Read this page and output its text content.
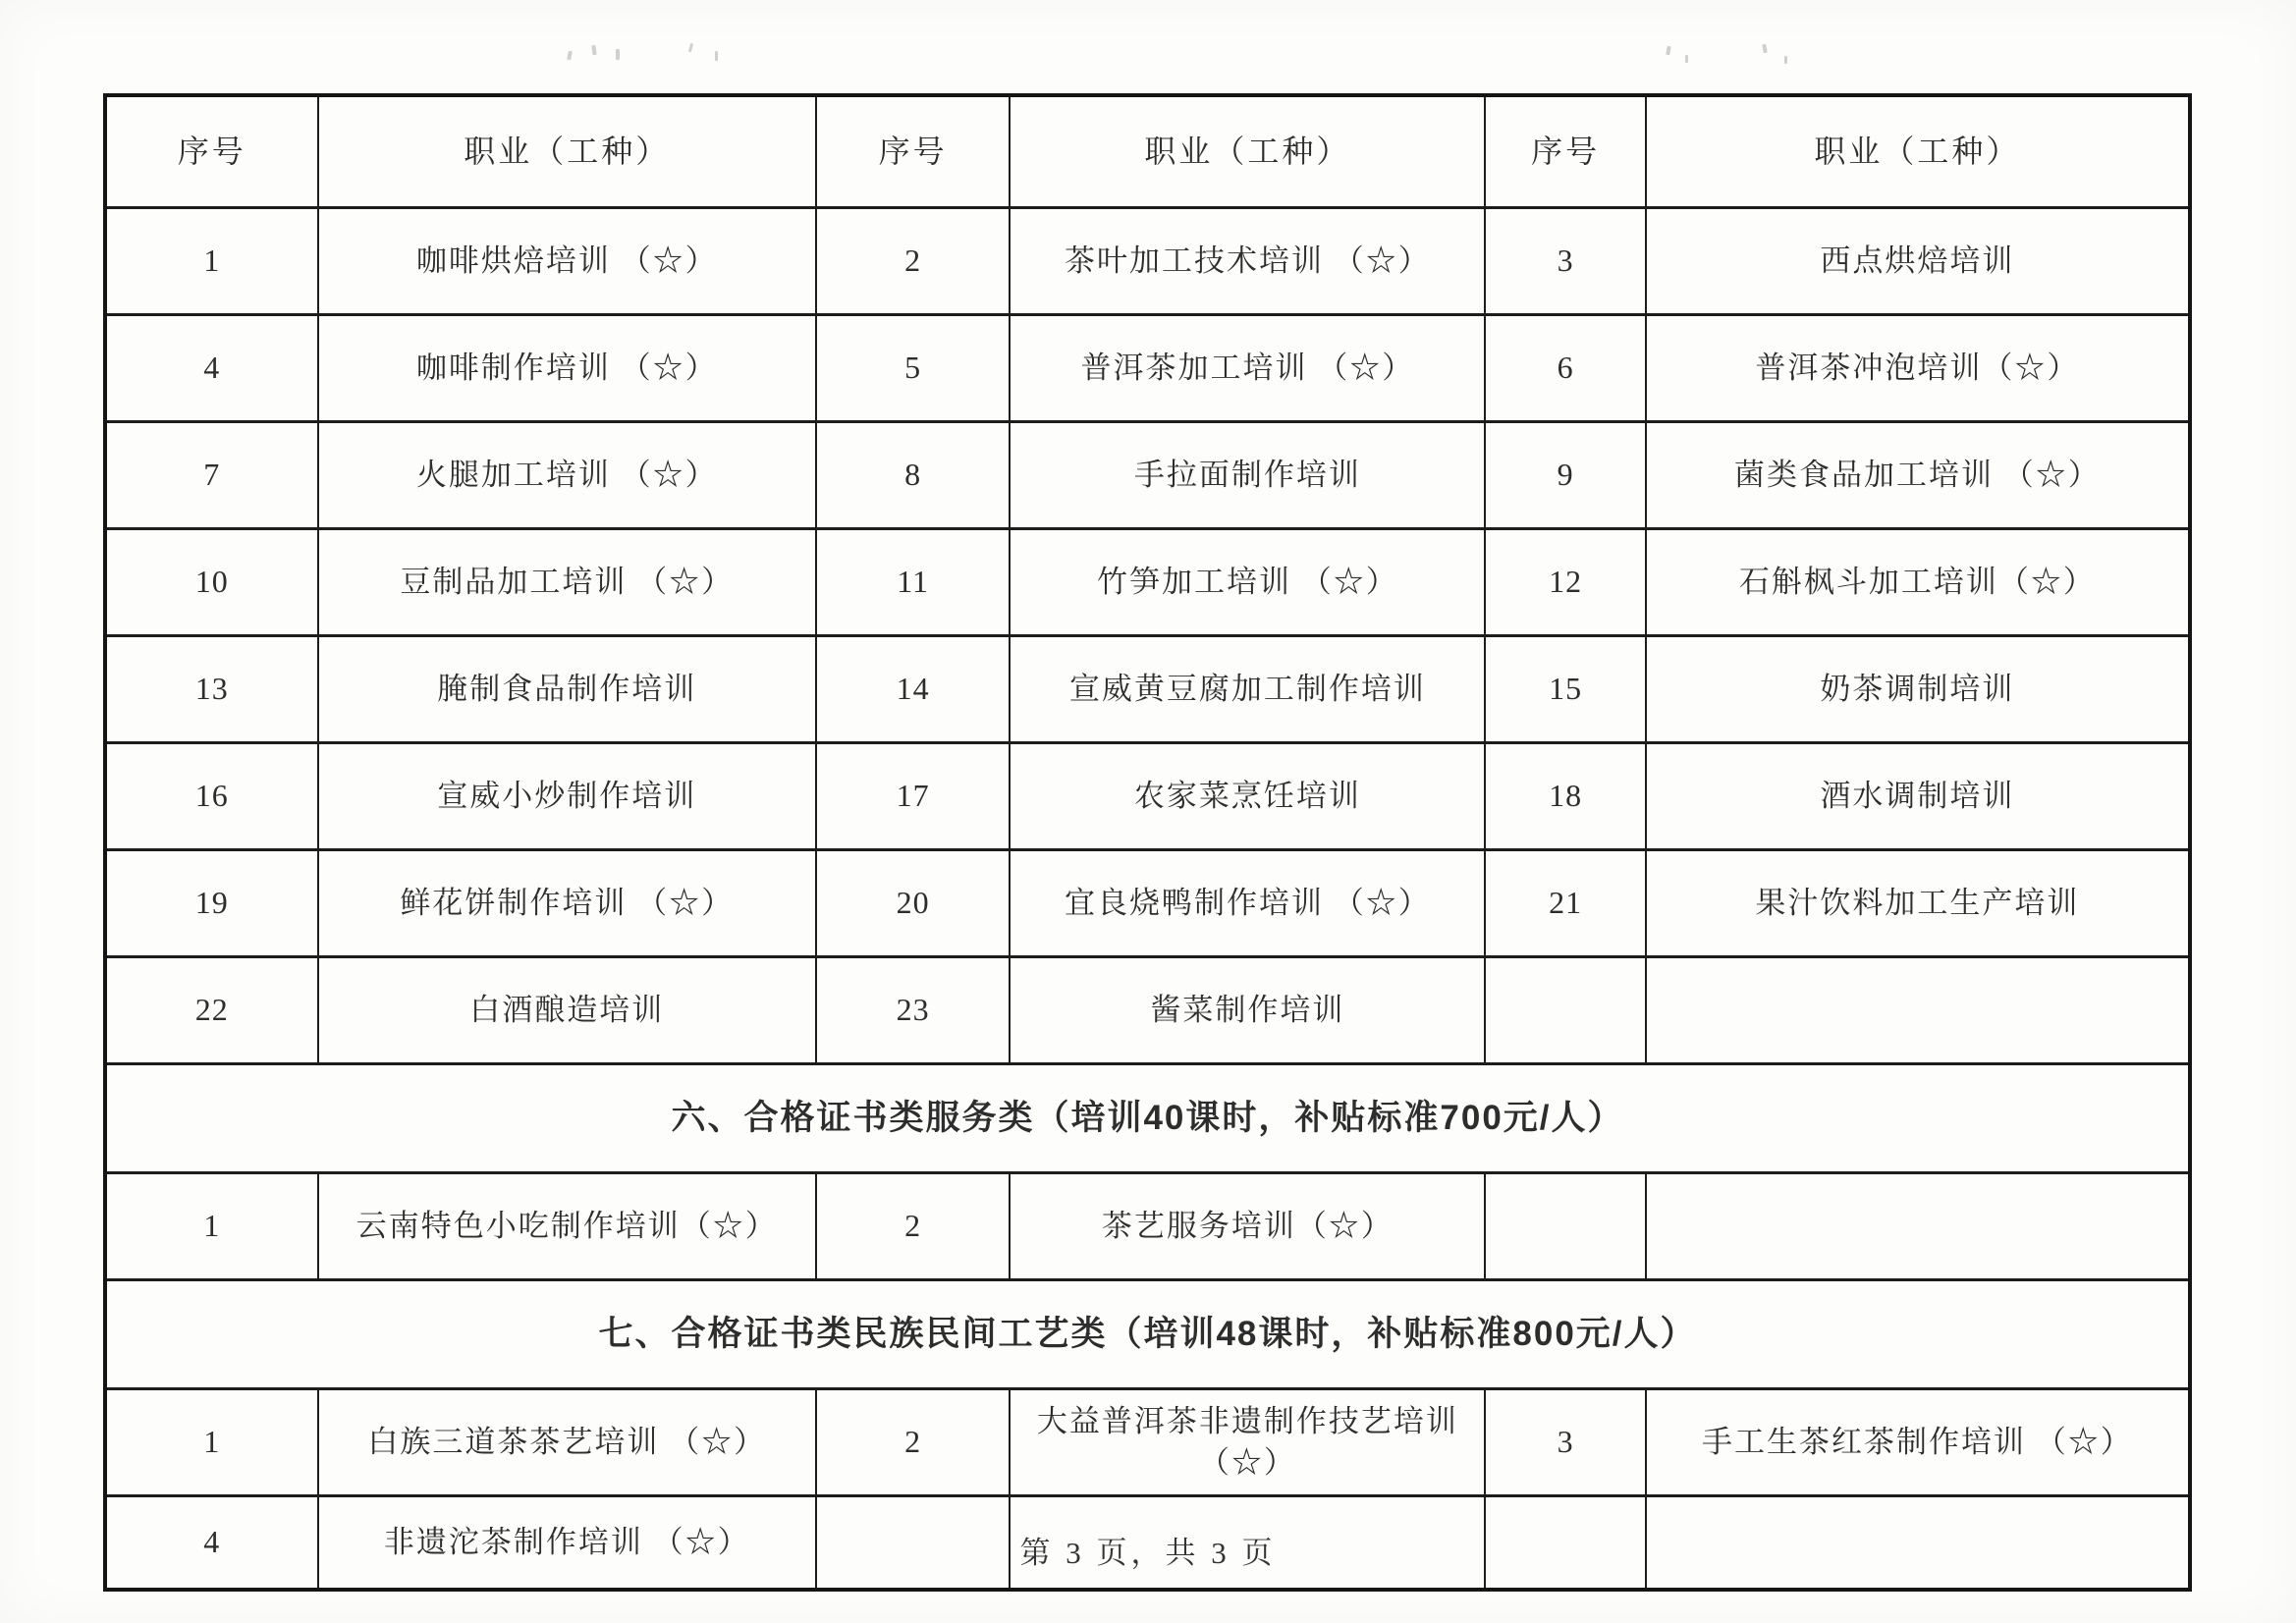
序号	职业（工种）	序号	职业（工种）	序号	职业（工种）
1	咖啡烘焙培训 （☆）	2	茶叶加工技术培训 （☆）	3	西点烘焙培训
4	咖啡制作培训 （☆）	5	普洱茶加工培训 （☆）	6	普洱茶冲泡培训（☆）
7	火腿加工培训 （☆）	8	手拉面制作培训	9	菌类食品加工培训 （☆）
10	豆制品加工培训 （☆）	11	竹笋加工培训 （☆）	12	石斛枫斗加工培训（☆）
13	腌制食品制作培训	14	宣威黄豆腐加工制作培训	15	奶茶调制培训
16	宣威小炒制作培训	17	农家菜烹饪培训	18	酒水调制培训
19	鲜花饼制作培训 （☆）	20	宜良烧鸭制作培训 （☆）	21	果汁饮料加工生产培训
22	白酒酿造培训	23	酱菜制作培训		
六、合格证书类服务类（培训40课时，补贴标准700元/人）					
1	云南特色小吃制作培训（☆）	2	茶艺服务培训（☆）		
七、合格证书类民族民间工艺类（培训48课时，补贴标准800元/人）					
1	白族三道茶茶艺培训 （☆）	2	大益普洱茶非遗制作技艺培训（☆）	3	手工生茶红茶制作培训 （☆）
4	非遗沱茶制作培训 （☆）					第 3 页，共 3 页
